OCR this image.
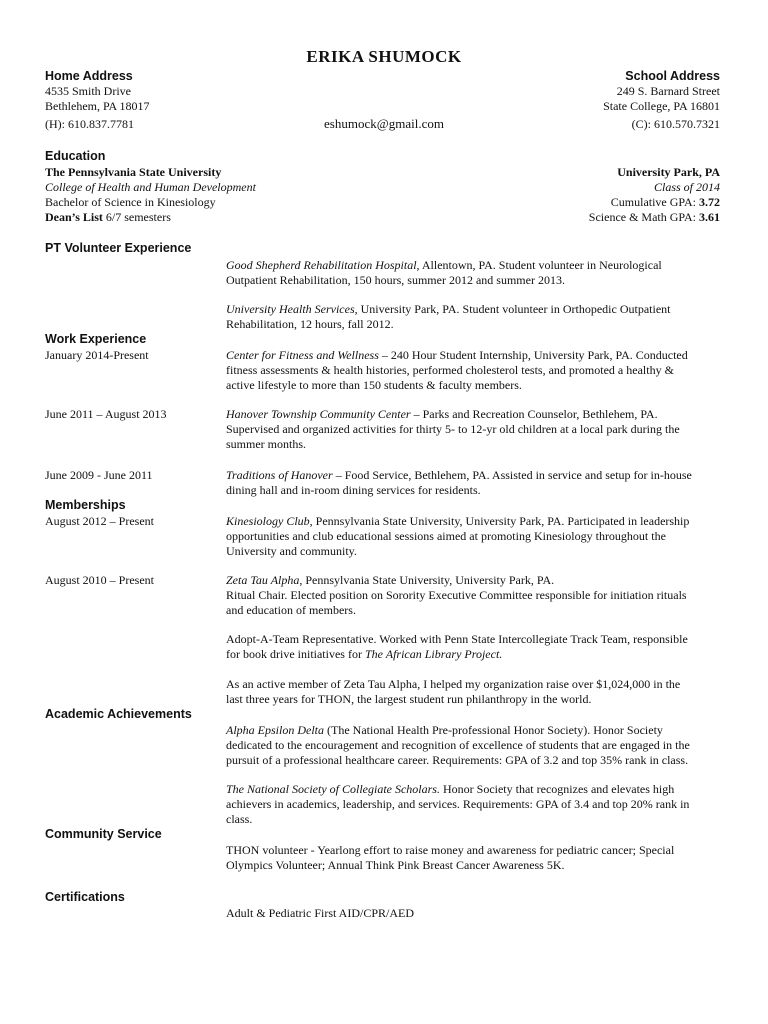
ERIKA SHUMOCK
Home Address
4535 Smith Drive
Bethlehem, PA 18017
(H): 610.837.7781	eshumock@gmail.com
School Address
249 S. Barnard Street
State College, PA 16801
(C): 610.570.7321
Education
The Pennsylvania State University	University Park, PA
College of Health and Human Development	Class of 2014
Bachelor of Science in Kinesiology	Cumulative GPA: 3.72
Dean’s List 6/7 semesters	Science & Math GPA: 3.61
PT Volunteer Experience
Good Shepherd Rehabilitation Hospital, Allentown, PA. Student volunteer in Neurological
Outpatient Rehabilitation, 150 hours, summer 2012 and summer 2013.
University Health Services, University Park, PA. Student volunteer in Orthopedic Outpatient
Rehabilitation, 12 hours, fall 2012.
Work Experience
January 2014-Present	Center for Fitness and Wellness – 240 Hour Student Internship, University Park, PA. Conducted
fitness assessments & health histories, performed cholesterol tests, and promoted a healthy &
active lifestyle to more than 150 students & faculty members.
June 2011 – August 2013	Hanover Township Community Center – Parks and Recreation Counselor, Bethlehem, PA.
Supervised and organized activities for thirty 5- to 12-yr old children at a local park during the
summer months.
June 2009 - June 2011	Traditions of Hanover – Food Service, Bethlehem, PA. Assisted in service and setup for in-house
dining hall and in-room dining services for residents.
Memberships
August 2012 – Present	Kinesiology Club, Pennsylvania State University, University Park, PA. Participated in leadership
opportunities and club educational sessions aimed at promoting Kinesiology throughout the
University and community.
August 2010 – Present	Zeta Tau Alpha, Pennsylvania State University, University Park, PA.
Ritual Chair. Elected position on Sorority Executive Committee responsible for initiation rituals
and education of members.
Adopt-A-Team Representative. Worked with Penn State Intercollegiate Track Team, responsible
for book drive initiatives for The African Library Project.
As an active member of Zeta Tau Alpha, I helped my organization raise over $1,024,000 in the
last three years for THON, the largest student run philanthropy in the world.
Academic Achievements
Alpha Epsilon Delta (The National Health Pre-professional Honor Society). Honor Society
dedicated to the encouragement and recognition of excellence of students that are engaged in the
pursuit of a professional healthcare career. Requirements: GPA of 3.2 and top 35% rank in class.
The National Society of Collegiate Scholars. Honor Society that recognizes and elevates high
achievers in academics, leadership, and services. Requirements: GPA of 3.4 and top 20% rank in
class.
Community Service
THON volunteer - Yearlong effort to raise money and awareness for pediatric cancer; Special
Olympics Volunteer; Annual Think Pink Breast Cancer Awareness 5K.
Certifications
Adult & Pediatric First AID/CPR/AED
